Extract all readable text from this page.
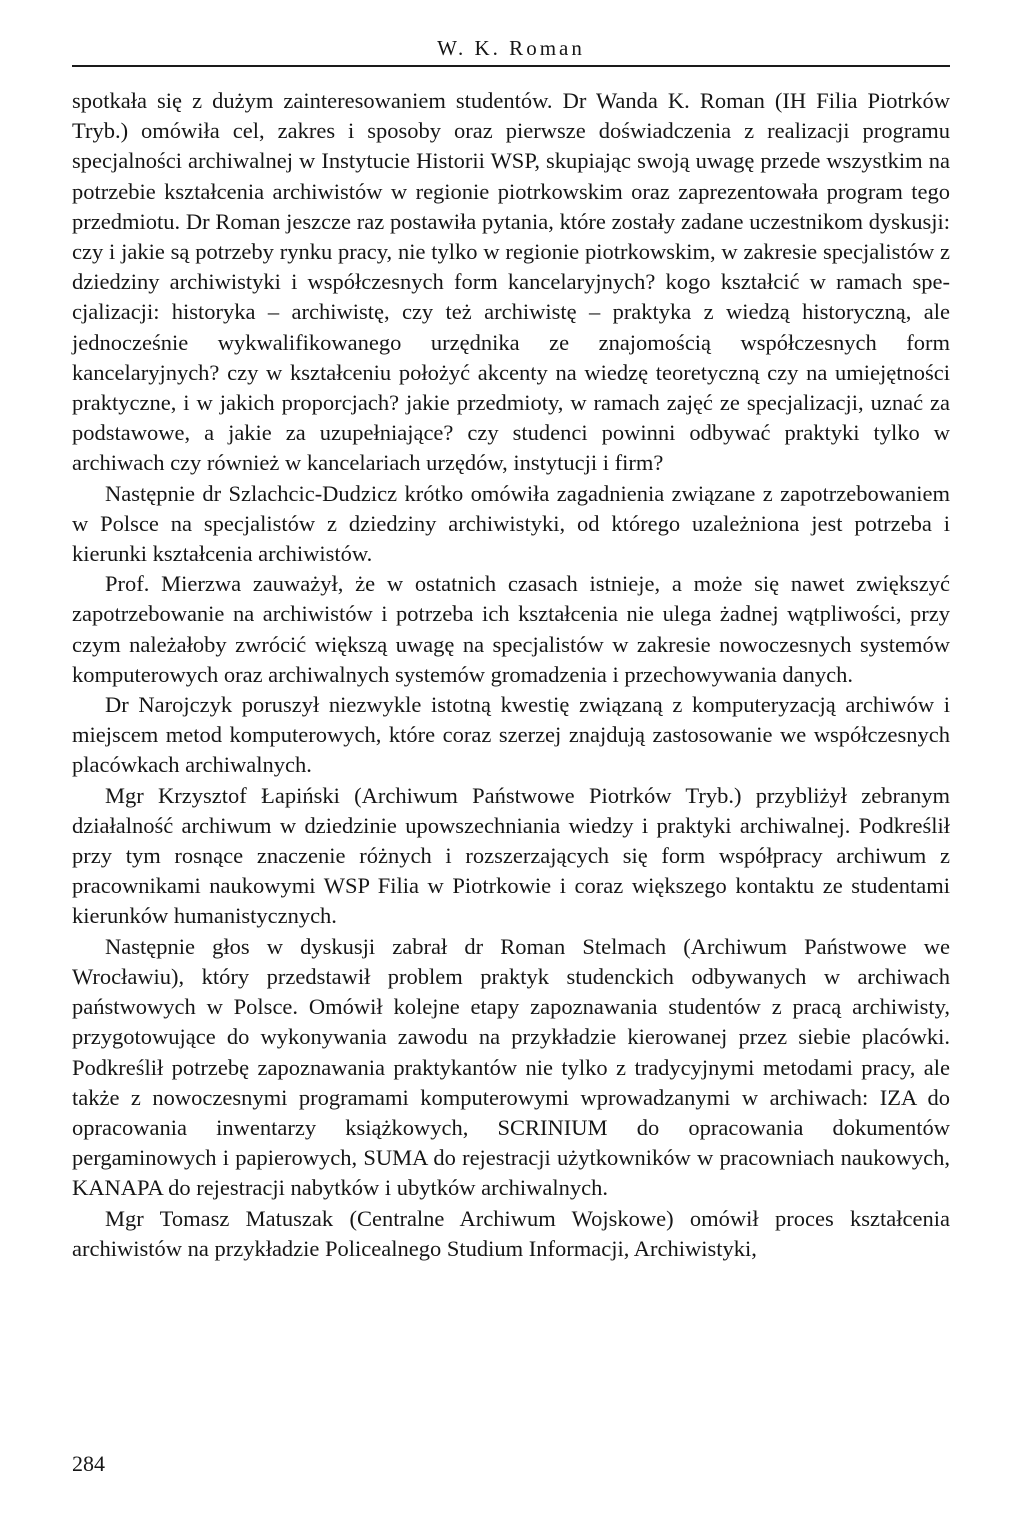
W. K. Roman

spotkała się z dużym zainteresowaniem studentów. Dr Wanda K. Roman (IH Filia Piotrków Tryb.) omówiła cel, zakres i sposoby oraz pierwsze doświadczenia z realizacji programu specjalności archiwalnej w Instytucie Historii WSP, skupiając swoją uwagę przede wszystkim na potrzebie kształcenia archiwistów w regionie piotrkowskim oraz zaprezentowała program tego przedmiotu. Dr Roman jeszcze raz postawiła pytania, które zostały zadane uczestnikom dyskusji: czy i jakie są potrzeby rynku pracy, nie tylko w regionie piotrkowskim, w zakresie specjalistów z dziedziny archiwistyki i współczesnych form kancelaryjnych? kogo kształcić w ramach specjalizacji: historyka – archiwistę, czy też archiwistę – praktyka z wiedzą historyczną, ale jednocześnie wykwalifikowanego urzędnika ze znajomością współczesnych form kancelaryjnych? czy w kształceniu położyć akcenty na wiedzę teoretyczną czy na umiejętności praktyczne, i w jakich proporcjach? jakie przedmioty, w ramach zajęć ze specjalizacji, uznać za podstawowe, a jakie za uzupełniające? czy studenci powinni odbywać praktyki tylko w archiwach czy również w kancelariach urzędów, instytucji i firm?

Następnie dr Szlachcic-Dudzicz krótko omówiła zagadnienia związane z zapotrzebowaniem w Polsce na specjalistów z dziedziny archiwistyki, od którego uzależniona jest potrzeba i kierunki kształcenia archiwistów.

Prof. Mierzwa zauważył, że w ostatnich czasach istnieje, a może się nawet zwiększyć zapotrzebowanie na archiwistów i potrzeba ich kształcenia nie ulega żadnej wątpliwości, przy czym należałoby zwrócić większą uwagę na specjalistów w zakresie nowoczesnych systemów komputerowych oraz archiwalnych systemów gromadzenia i przechowywania danych.

Dr Narojczyk poruszył niezwykle istotną kwestię związaną z komputeryzacją archiwów i miejscem metod komputerowych, które coraz szerzej znajdują zastosowanie we współczesnych placówkach archiwalnych.

Mgr Krzysztof Łapiński (Archiwum Państwowe Piotrków Tryb.) przybliżył zebranym działalność archiwum w dziedzinie upowszechniania wiedzy i praktyki archiwalnej. Podkreślił przy tym rosnące znaczenie różnych i rozszerzających się form współpracy archiwum z pracownikami naukowymi WSP Filia w Piotrkowie i coraz większego kontaktu ze studentami kierunków humanistycznych.

Następnie głos w dyskusji zabrał dr Roman Stelmach (Archiwum Państwowe we Wrocławiu), który przedstawił problem praktyk studenckich odbywanych w archiwach państwowych w Polsce. Omówił kolejne etapy zapoznawania studentów z pracą archiwisty, przygotowujące do wykonywania zawodu na przykładzie kierowanej przez siebie placówki. Podkreślił potrzebę zapoznawania praktykantów nie tylko z tradycyjnymi metodami pracy, ale także z nowoczesnymi programami komputerowymi wprowadzanymi w archiwach: IZA do opracowania inwentarzy książkowych, SCRINIUM do opracowania dokumentów pergaminowych i papierowych, SUMA do rejestracji użytkowników w pracowniach naukowych, KANAPA do rejestracji nabytków i ubytków archiwalnych.

Mgr Tomasz Matuszak (Centralne Archiwum Wojskowe) omówił proces kształcenia archiwistów na przykładzie Policealnego Studium Informacji, Archiwistyki,

284
